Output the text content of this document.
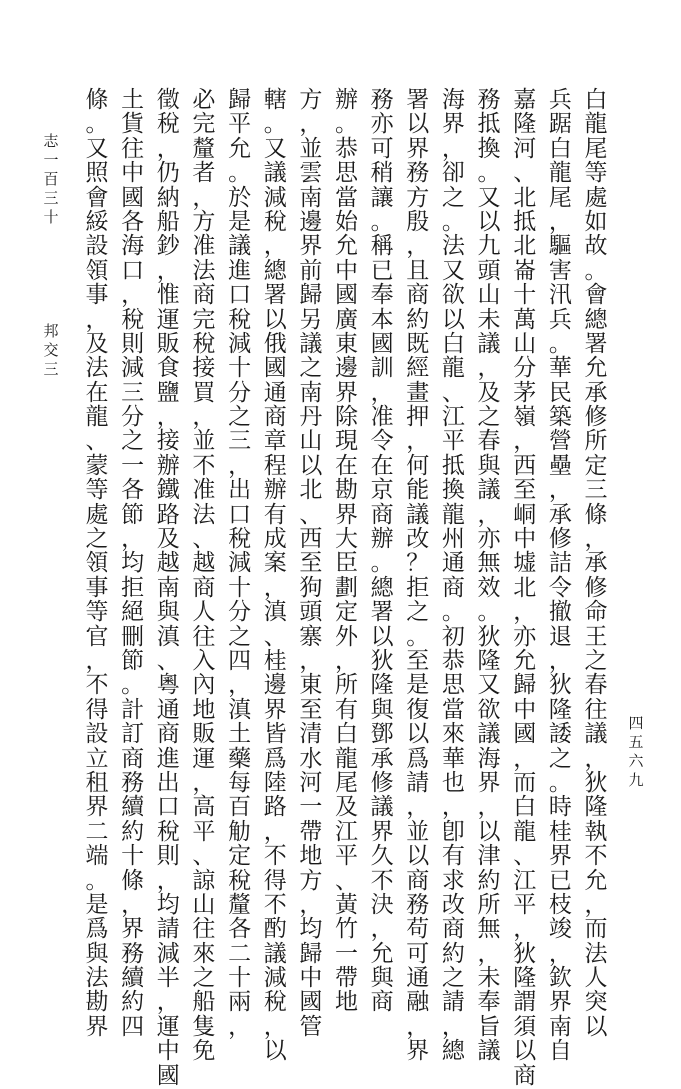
白
龍
尾
等
處
如
故
。
會
總
署
允
承
修
所
定
三
條
，
承
修
命
王
之
春
往
議
，
狄
隆
執
不
允
，
而
法
人
突
以
兵
踞
白
龍
尾
，
驅
害
汛
兵
。
華
民
築
營
壘
，
承
修
詰
令
撤
退
，
狄
隆
諉
之
。
時
桂
界
已
枝
竣
，
欽
界
南
自
嘉
隆
河
、
北
抵
北
崙
十
萬
山
分
茅
嶺
，
西
至
峒
中
墟
北
，
亦
允
歸
中
國
，
而
白
龍
、
江
平
，
狄
隆
謂
須
以
商
務
抵
換
。
又
以
九
頭
山
未
議
，
及
之
春
與
議
，
亦
無
效
。
狄
隆
又
欲
議
海
界
，
以
津
約
所
無
，
未
奉
旨
議
海
界
，
卻
之
。
法
又
欲
以
白
龍
、
江
平
抵
換
龍
州
通
商
。
初
恭
思
當
來
華
也
，
卽
有
求
改
商
約
之
請
，
總
署
以
界
務
方
殷
，
且
商
約
既
經
畫
押
，
何
能
議
改
？
拒
之
。
至
是
復
以
爲
請
，
並
以
商
務
苟
可
通
融
，
界
務
亦
可
稍
讓
。
稱
已
奉
本
國
訓
，
准
令
在
京
商
辦
。
總
署
以
狄
隆
與
鄧
承
修
議
界
久
不
決
，
允
與
商
辦
。
恭
思
當
始
允
中
國
廣
東
邊
界
除
現
在
勘
界
大
臣
劃
定
外
，
所
有
白
龍
尾
及
江
平
、
黃
竹
一
帶
地
方
，
並
雲
南
邊
界
前
歸
另
議
之
南
丹
山
以
北
、
西
至
狗
頭
寨
，
東
至
清
水
河
一
帶
地
方
，
均
歸
中
國
管
轄
。
又
議
減
稅
，
總
署
以
俄
國
通
商
章
程
辦
有
成
案
，
滇
、
桂
邊
界
皆
爲
陸
路
，
不
得
不
酌
議
減
稅
，
以
歸
平
允
。
於
是
議
進
口
稅
減
十
分
之
三
，
出
口
稅
減
十
分
之
四
，
滇
土
藥
每
百
觔
定
稅
釐
各
二
十
兩
，
必
完
釐
者
，
方
准
法
商
完
稅
接
買
，
並
不
准
法
、
越
商
人
往
入
內
地
販
運
，
高
平
、
諒
山
往
來
之
船
隻
免
徵
稅
，
仍
納
船
鈔
，
惟
運
販
食
鹽
，
接
辦
鐵
路
及
越
南
與
滇
、
粵
通
商
進
出
口
稅
則
，
均
請
減
半
，
運
中
國
土
貨
往
中
國
各
海
口
，
稅
則
減
三
分
之
一
各
節
，
均
拒
絕
刪
節
。
計
訂
商
務
續
約
十
條
，
界
務
續
約
四
條
。
又
照
會
綏
設
領
事
，
及
法
在
龍
、
蒙
等
處
之
領
事
等
官
，
不
得
設
立
租
界
二
端
。
是
爲
與
法
勘
界
志
一
百
三
十
邦
交
三
四
五
六
九
